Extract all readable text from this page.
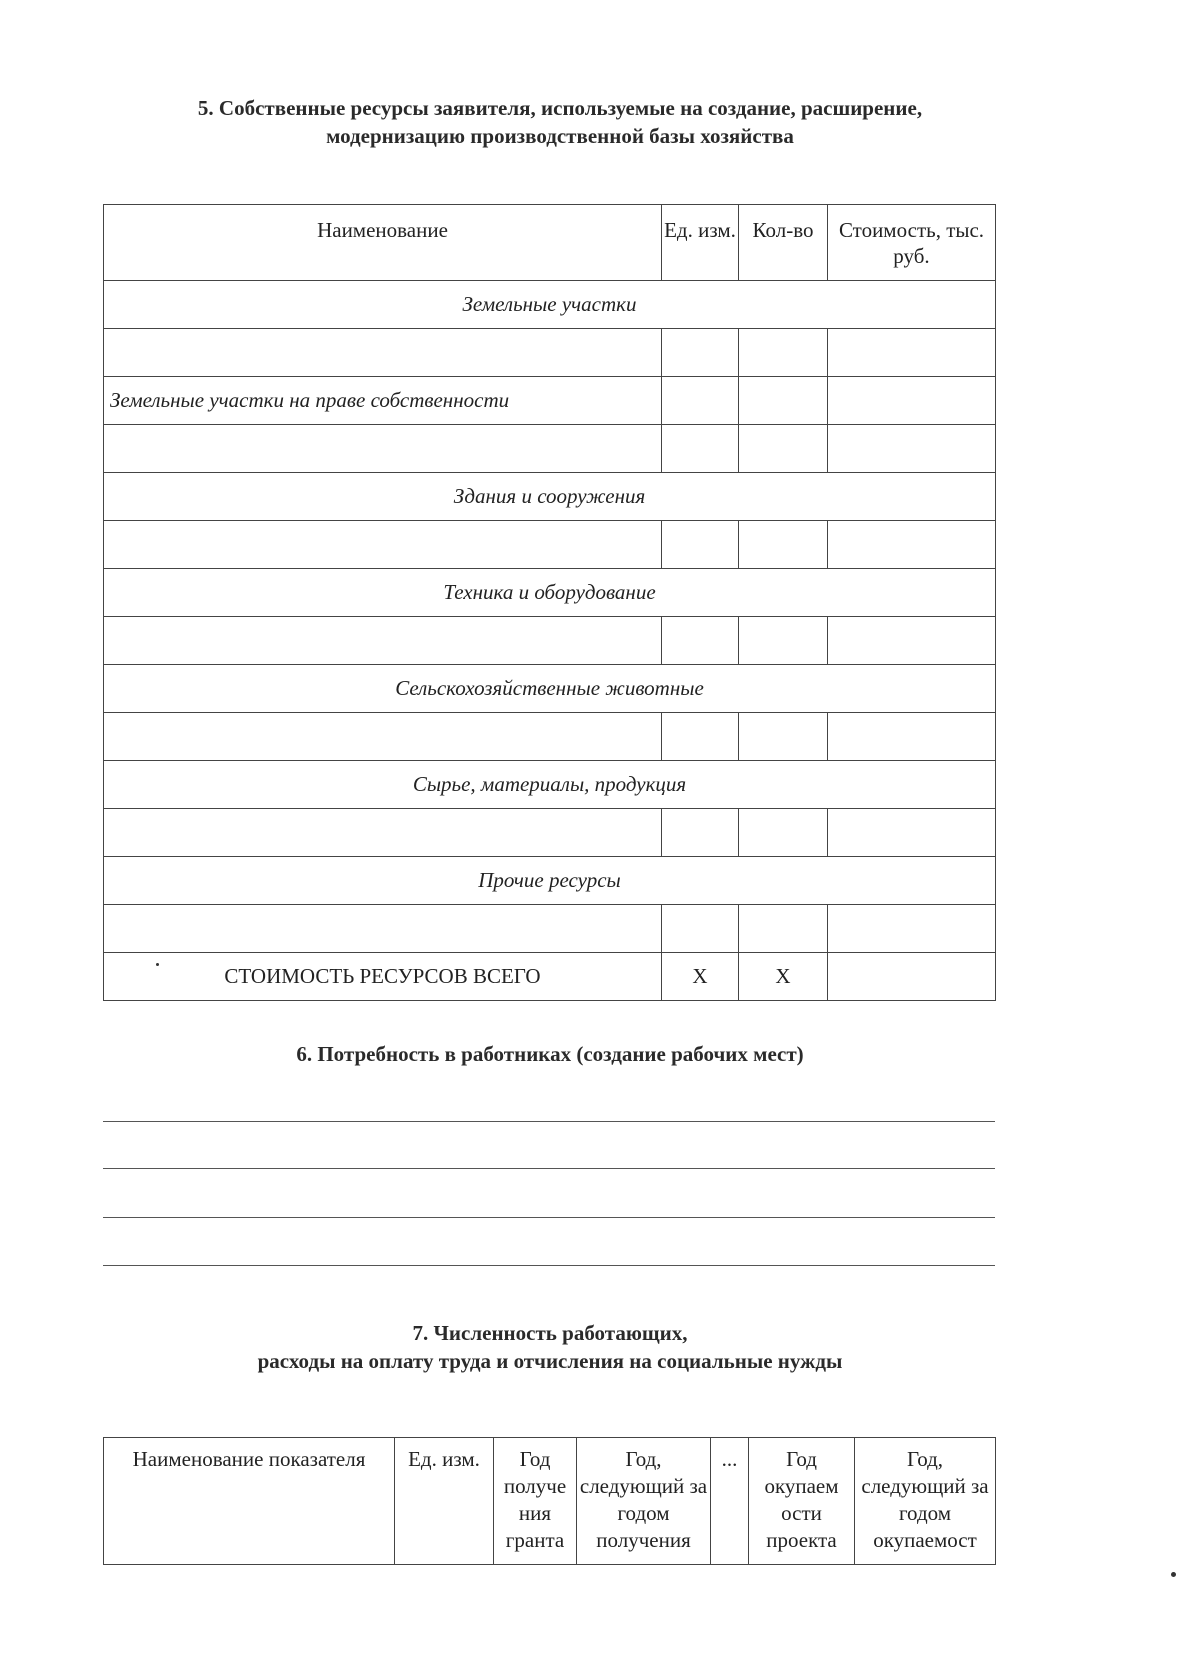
5. Собственные ресурсы заявителя, используемые на создание, расширение,
модернизацию производственной базы хозяйства
Наименование	Ед. изм.	Кол-во	Стоимость, тыс. руб.
Земельные участки			

Земельные участки на праве собственности			

Здания и сооружения			

Техника и оборудование			

Сельскохозяйственные животные			

Сырье, материалы, продукция			

Прочие ресурсы			

СТОИМОСТЬ РЕСУРСОВ ВСЕГО	Х	Х	
6. Потребность в работниках (создание рабочих мест)
7. Численность работающих,
расходы на оплату труда и отчисления на социальные нужды
Наименование показателя	Ед. изм.	Год получе ния гранта	Год, следующий за годом получения	...	Год окупаем ости проекта	Год, следующий за годом окупаемост
